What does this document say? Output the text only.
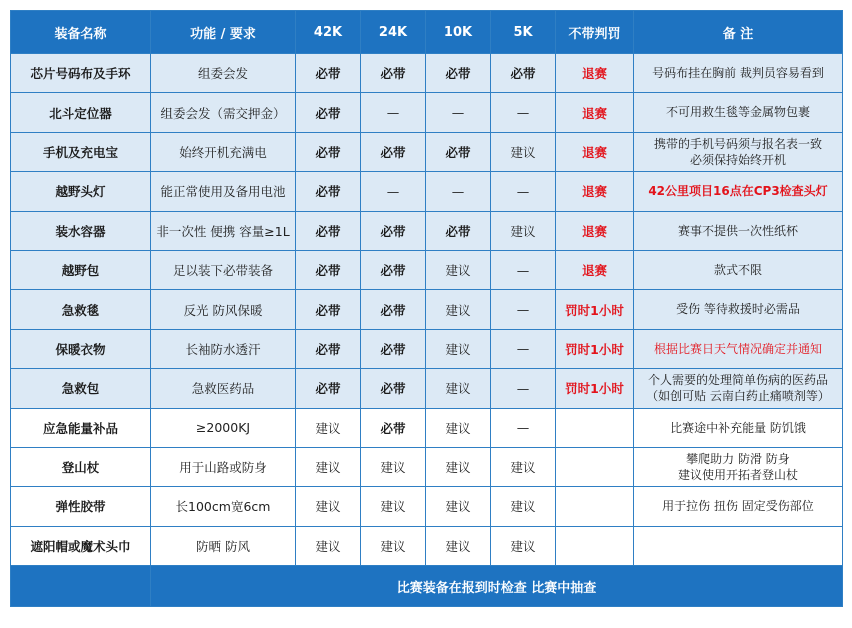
装备名称	功能 / 要求	42K	24K	10K	5K	不带判罚	备 注
芯片号码布及手环	组委会发	必带	必带	必带	必带	退赛	号码布挂在胸前 裁判员容易看到
北斗定位器	组委会发（需交押金）	必带	—	—	—	退赛	不可用救生毯等金属物包裹
手机及充电宝	始终开机充满电	必带	必带	必带	建议	退赛	携带的手机号码须与报名表一致
必须保持始终开机
越野头灯	能正常使用及备用电池	必带	—	—	—	退赛	42公里项目16点在CP3检查头灯
装水容器	非一次性 便携 容量≥1L	必带	必带	必带	建议	退赛	赛事不提供一次性纸杯
越野包	足以装下必带装备	必带	必带	建议	—	退赛	款式不限
急救毯	反光 防风保暖	必带	必带	建议	—	罚时1小时	受伤 等待救援时必需品
保暖衣物	长袖防水透汗	必带	必带	建议	—	罚时1小时	根据比赛日天气情况确定并通知
急救包	急救医药品	必带	必带	建议	—	罚时1小时	个人需要的处理简单伤病的医药品
（如创可贴 云南白药止痛喷剂等）
应急能量补品	≥2000KJ	建议	必带	建议	—		比赛途中补充能量 防饥饿
登山杖	用于山路或防身	建议	建议	建议	建议		攀爬助力 防滑 防身
建议使用开拓者登山杖
弹性胶带	长100cm宽6cm	建议	建议	建议	建议		用于拉伤 扭伤 固定受伤部位
遮阳帽或魔术头巾	防晒 防风	建议	建议	建议	建议		
	比赛装备在报到时检查 比赛中抽查						
